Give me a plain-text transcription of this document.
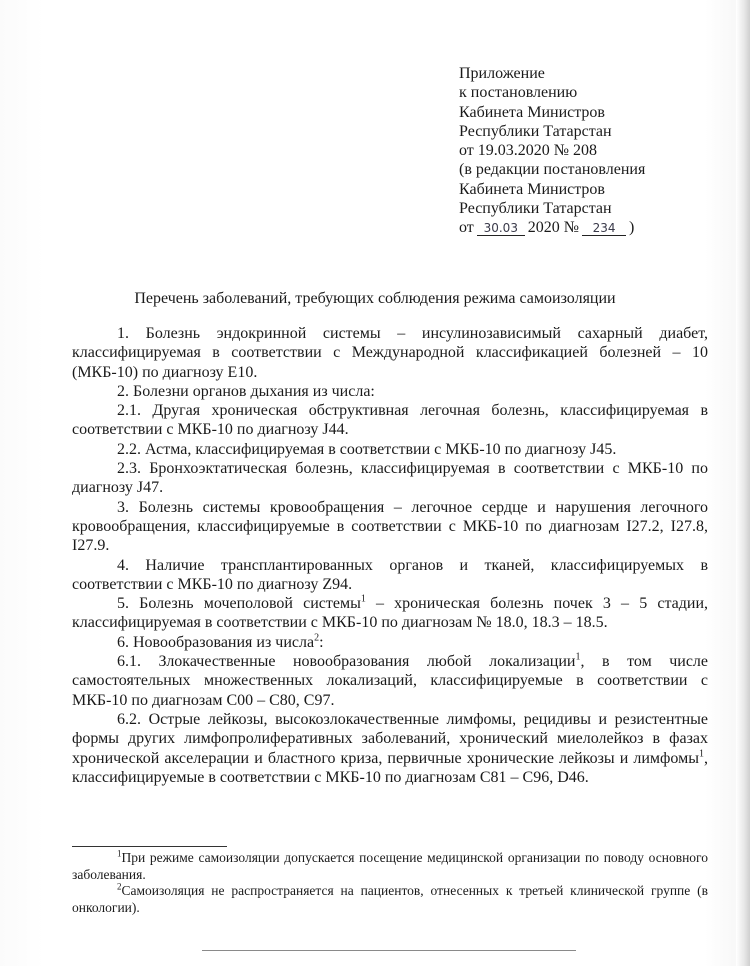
Приложение
к постановлению
Кабинета Министров
Республики Татарстан
от 19.03.2020 № 208
(в редакции постановления
Кабинета Министров
Республики Татарстан
от 30.03 2020 № 234 )
Перечень заболеваний, требующих соблюдения режима самоизоляции

1. Болезнь эндокринной системы – инсулинозависимый сахарный диабет, классифицируемая в соответствии с Международной классификацией болезней – 10 (МКБ-10) по диагнозу E10.

2. Болезни органов дыхания из числа:

2.1. Другая хроническая обструктивная легочная болезнь, классифицируемая в соответствии с МКБ-10 по диагнозу J44.

2.2. Астма, классифицируемая в соответствии с МКБ-10 по диагнозу J45.

2.3. Бронхоэктатическая болезнь, классифицируемая в соответствии с МКБ-10 по диагнозу J47.

3. Болезнь системы кровообращения – легочное сердце и нарушения легочного кровообращения, классифицируемые в соответствии с МКБ-10 по диагнозам I27.2, I27.8, I27.9.

4. Наличие трансплантированных органов и тканей, классифицируемых в соответствии с МКБ-10 по диагнозу Z94.

5. Болезнь мочеполовой системы$^1$ – хроническая болезнь почек 3 – 5 стадии, классифицируемая в соответствии с МКБ-10 по диагнозам № 18.0, 18.3 – 18.5.

6. Новообразования из числа$^2$:

6.1. Злокачественные новообразования любой локализации$^1$, в том числе самостоятельных множественных локализаций, классифицируемые в соответствии с МКБ-10 по диагнозам C00 – C80, C97.

6.2. Острые лейкозы, высокозлокачественные лимфомы, рецидивы и резистентные формы других лимфопролиферативных заболеваний, хронический миелолейкоз в фазах хронической акселерации и бластного криза, первичные хронические лейкозы и лимфомы$^1$, классифицируемые в соответствии с МКБ-10 по диагнозам C81 – C96, D46.

$^1$При режиме самоизоляции допускается посещение медицинской организации по поводу основного заболевания.

$^2$Самоизоляция не распространяется на пациентов, отнесенных к третьей клинической группе (в онкологии).
